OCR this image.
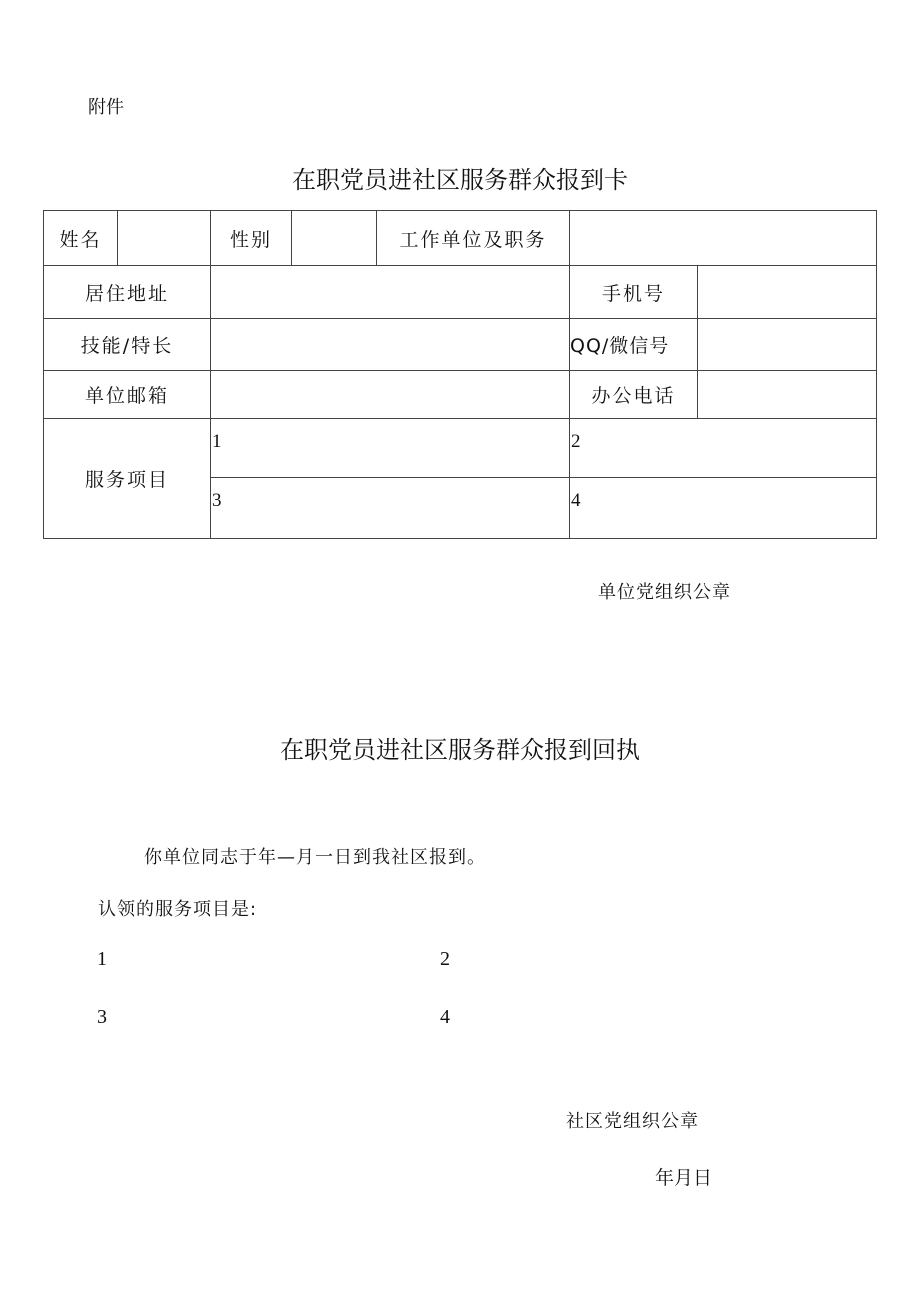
附件
在职党员进社区服务群众报到卡
姓名		性别		工作单位及职务		
居住地址					手机号	
技能/特长					QQ/微信号	
单位邮箱					办公电话	
服务项目		1			2	
		3			4	
单位党组织公章
在职党员进社区服务群众报到回执
你单位同志于年—月一日到我社区报到。
认领的服务项目是:
1	2
3	4
社区党组织公章
年月日
